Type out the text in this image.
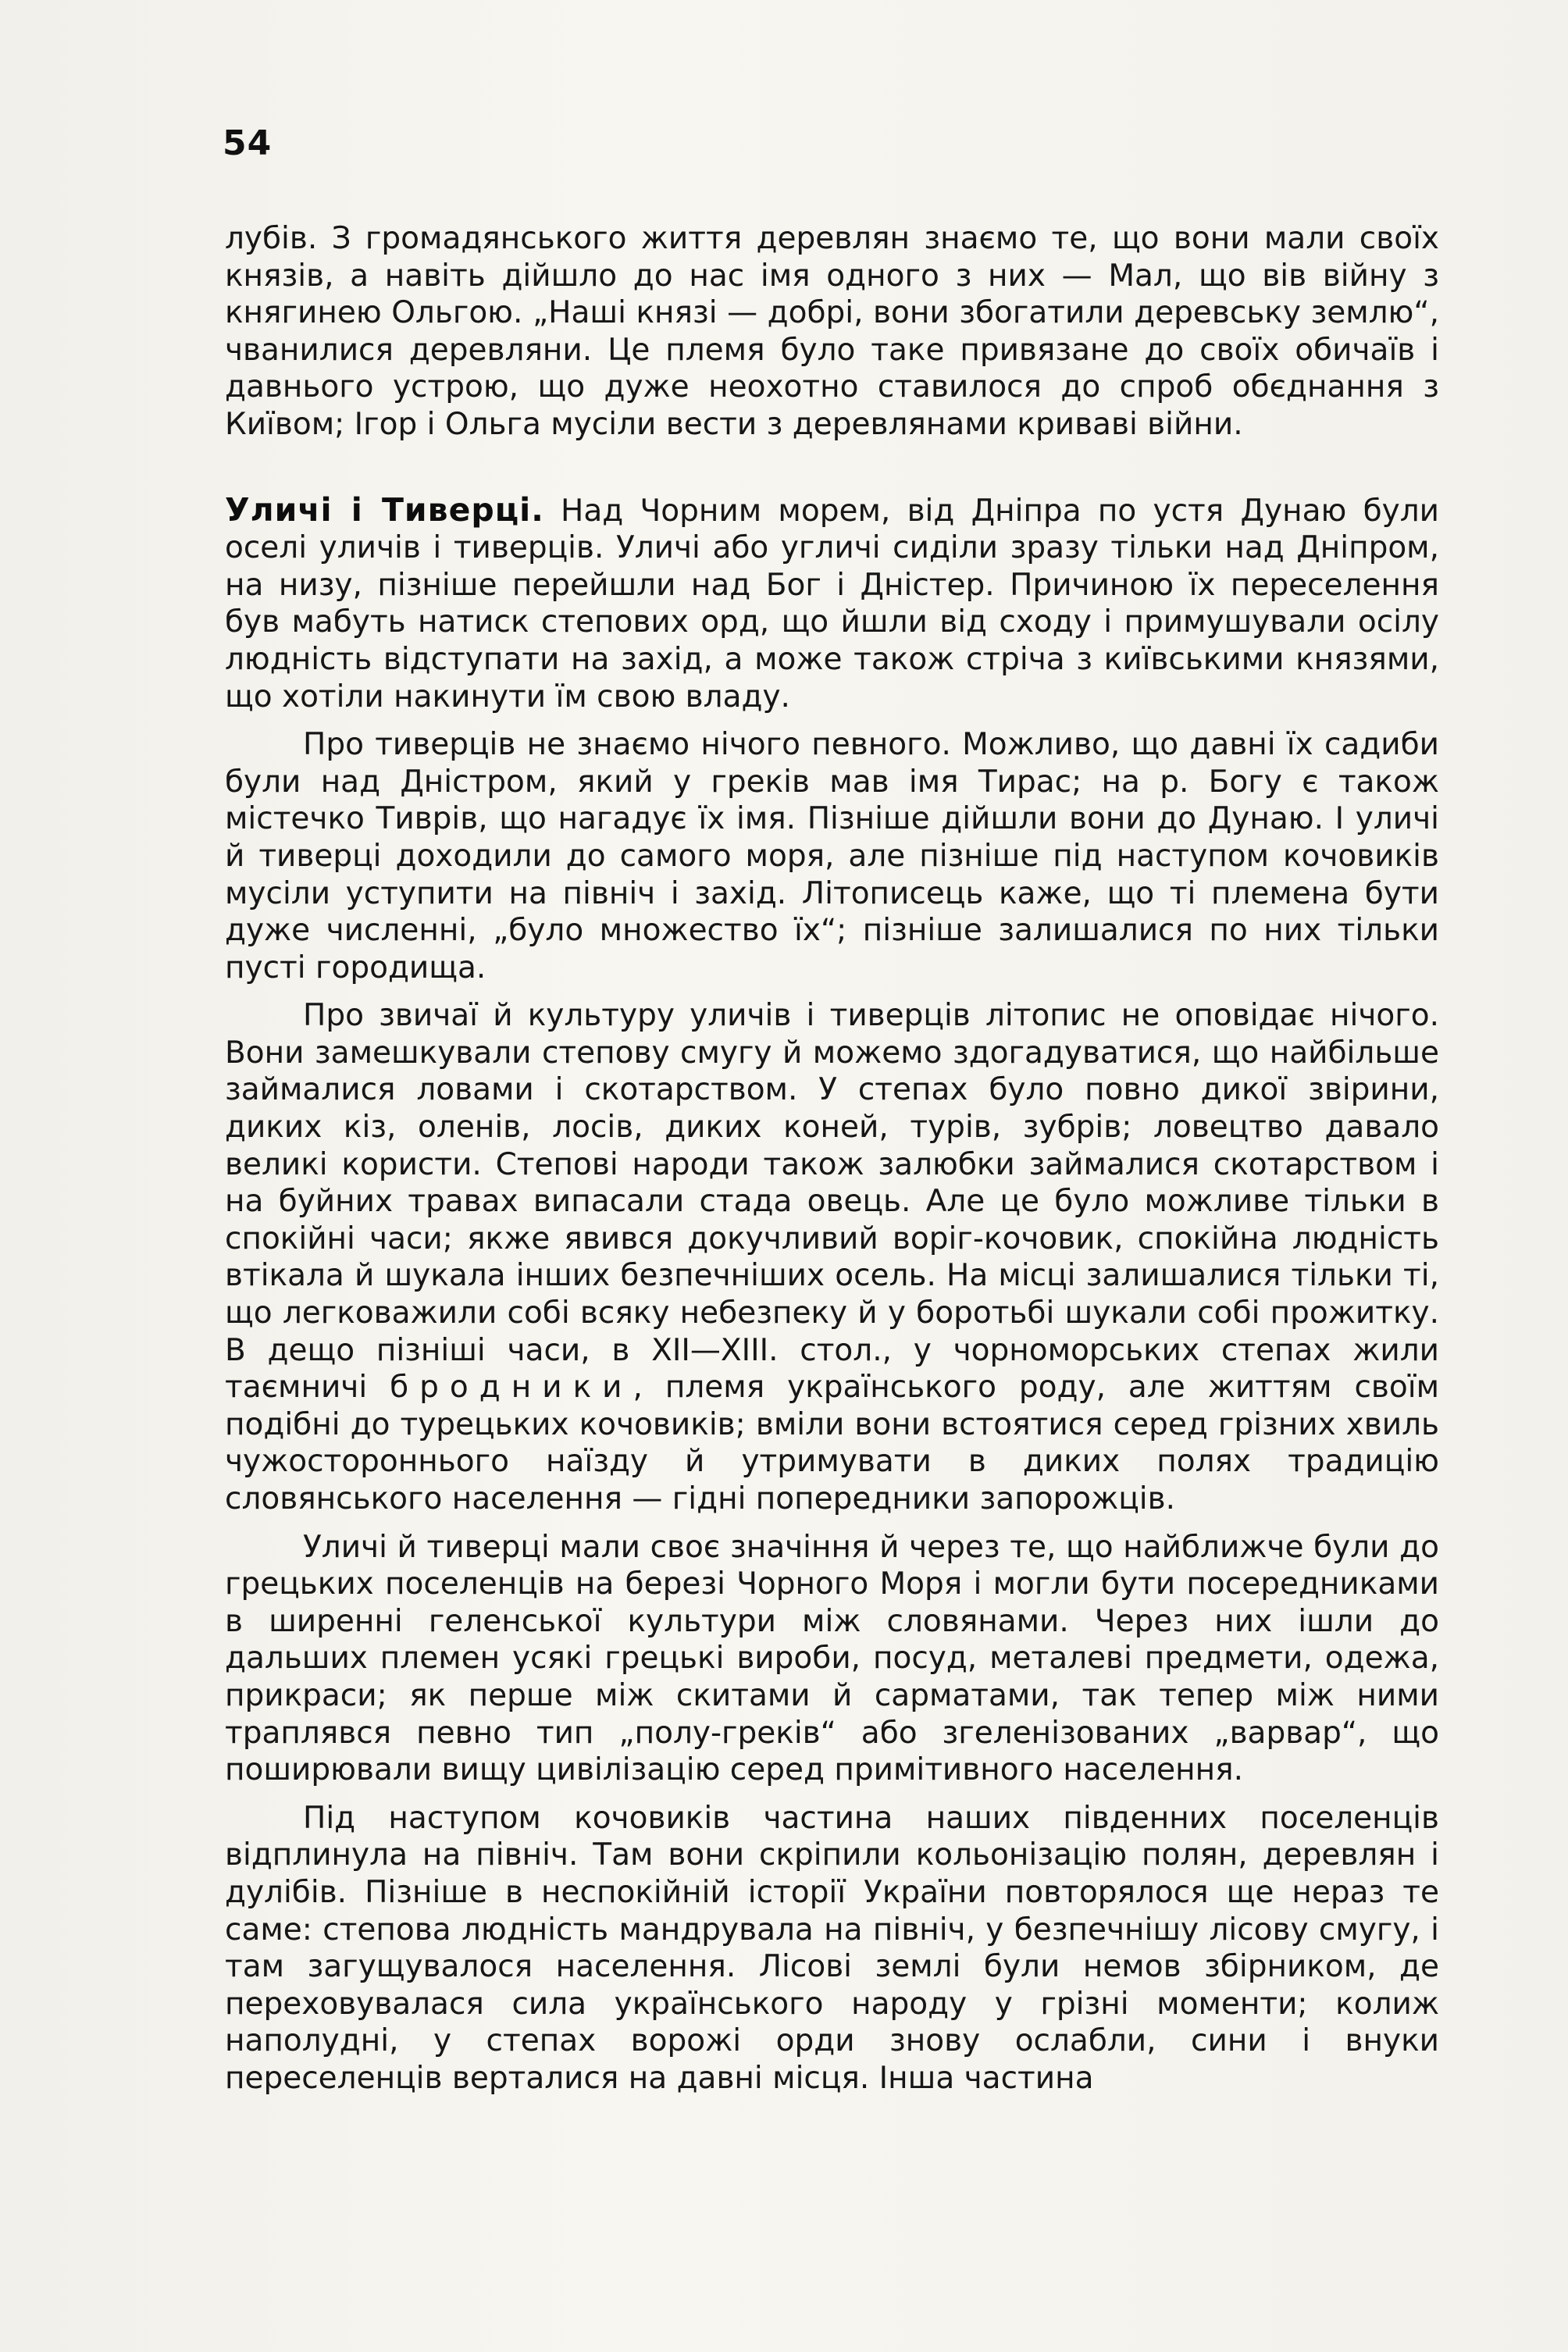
54

лубів. З громадянського життя деревлян знаємо те, що вони мали своїх князів, а навіть дійшло до нас імя одного з них — Мал, що вів війну з княгинею Ольгою. „Наші князі — добрі, вони збогатили деревську землю“, чванилися деревляни. Це племя було таке привязане до своїх обичаїв і давнього устрою, що дуже неохотно ставилося до спроб обєднання з Київом; Ігор і Ольга мусіли вести з деревлянами криваві війни.

Уличі і Тиверці. Над Чорним морем, від Дніпра по устя Дунаю були оселі уличів і тиверців. Уличі або угличі сиділи зразу тільки над Дніпром, на низу, пізніше перейшли над Бог і Дністер. Причиною їх переселення був мабуть натиск степових орд, що йшли від сходу і примушували осілу людність відступати на захід, а може також стріча з київськими князями, що хотіли накинути їм свою владу.

Про тиверців не знаємо нічого певного. Можливо, що давні їх садиби були над Дністром, який у греків мав імя Тирас; на р. Богу є також містечко Тиврів, що нагадує їх імя. Пізніше дійшли вони до Дунаю. І уличі й тиверці доходили до самого моря, але пізніше під наступом кочовиків мусіли уступити на північ і захід. Літописець каже, що ті племена бути дуже численні, „було множество їх“; пізніше залишалися по них тільки пусті городища.

Про звичаї й культуру уличів і тиверців літопис не оповідає нічого. Вони замешкували степову смугу й можемо здогадуватися, що найбільше займалися ловами і скотарством. У степах було повно дикої звірини, диких кіз, оленів, лосів, диких коней, турів, зубрів; ловецтво давало великі користи. Степові народи також залюбки займалися скотарством і на буйних травах випасали стада овець. Але це було можливе тільки в спокійні часи; якже явився докучливий воріг-кочовик, спокійна людність втікала й шукала інших безпечніших осель. На місці залишалися тільки ті, що легковажили собі всяку небезпеку й у боротьбі шукали собі прожитку. В дещо пізніші часи, в XII—XIII. стол., у чорноморських степах жили таємничі бродники, племя українського роду, але життям своїм подібні до турецьких кочовиків; вміли вони встоятися серед грізних хвиль чужостороннього наїзду й утримувати в диких полях традицію словянського населення — гідні попередники запорожців.

Уличі й тиверці мали своє значіння й через те, що найближче були до грецьких поселенців на березі Чорного Моря і могли бути посередниками в ширенні геленської культури між словянами. Через них ішли до дальших племен усякі грецькі вироби, посуд, металеві предмети, одежа, прикраси; як перше між скитами й сарматами, так тепер між ними траплявся певно тип „полу-греків“ або згеленізованих „варвар“, що поширювали вищу цивілізацію серед примітивного населення.

Під наступом кочовиків частина наших південних поселенців відплинула на північ. Там вони скріпили кольонізацію полян, деревлян і дулібів. Пізніше в неспокійній історії України повторялося ще нераз те саме: степова людність мандрувала на північ, у безпечнішу лісову смугу, і там загущувалося населення. Лісові землі були немов збірником, де переховувалася сила українського народу у грізні моменти; колиж наполудні, у степах ворожі орди знову ослабли, сини і внуки переселенців верталися на давні місця. Інша частина
